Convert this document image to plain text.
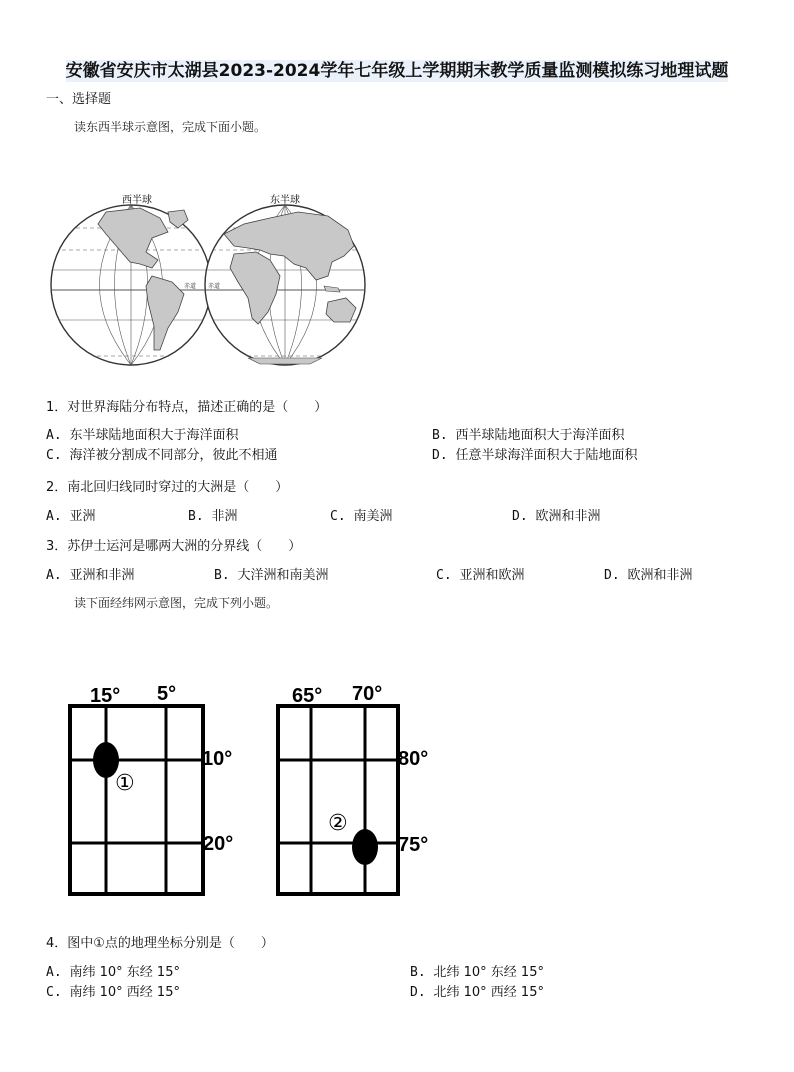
安徽省安庆市太湖县2023-2024学年七年级上学期期末教学质量监测模拟练习地理试题
一、选择题
读东西半球示意图，完成下面小题。
西半球
赤道
东半球
赤道
1．对世界海陆分布特点，描述正确的是（　　）
A. 东半球陆地面积大于海洋面积	B. 西半球陆地面积大于海洋面积
C. 海洋被分割成不同部分，彼此不相通	D. 任意半球海洋面积大于陆地面积
2．南北回归线同时穿过的大洲是（　　）
A. 亚洲	B. 非洲	C. 南美洲	D. 欧洲和非洲
3．苏伊士运河是哪两大洲的分界线（　　）
A. 亚洲和非洲	B. 大洋洲和南美洲	C. 亚洲和欧洲	D. 欧洲和非洲
读下面经纬网示意图，完成下列小题。
15° 5°
10°
20°
①
65° 70°
80°
75°
②
4．图中①点的地理坐标分别是（　　）
A. 南纬 10° 东经 15°	B. 北纬 10° 东经 15°
C. 南纬 10° 西经 15°	D. 北纬 10° 西经 15°
